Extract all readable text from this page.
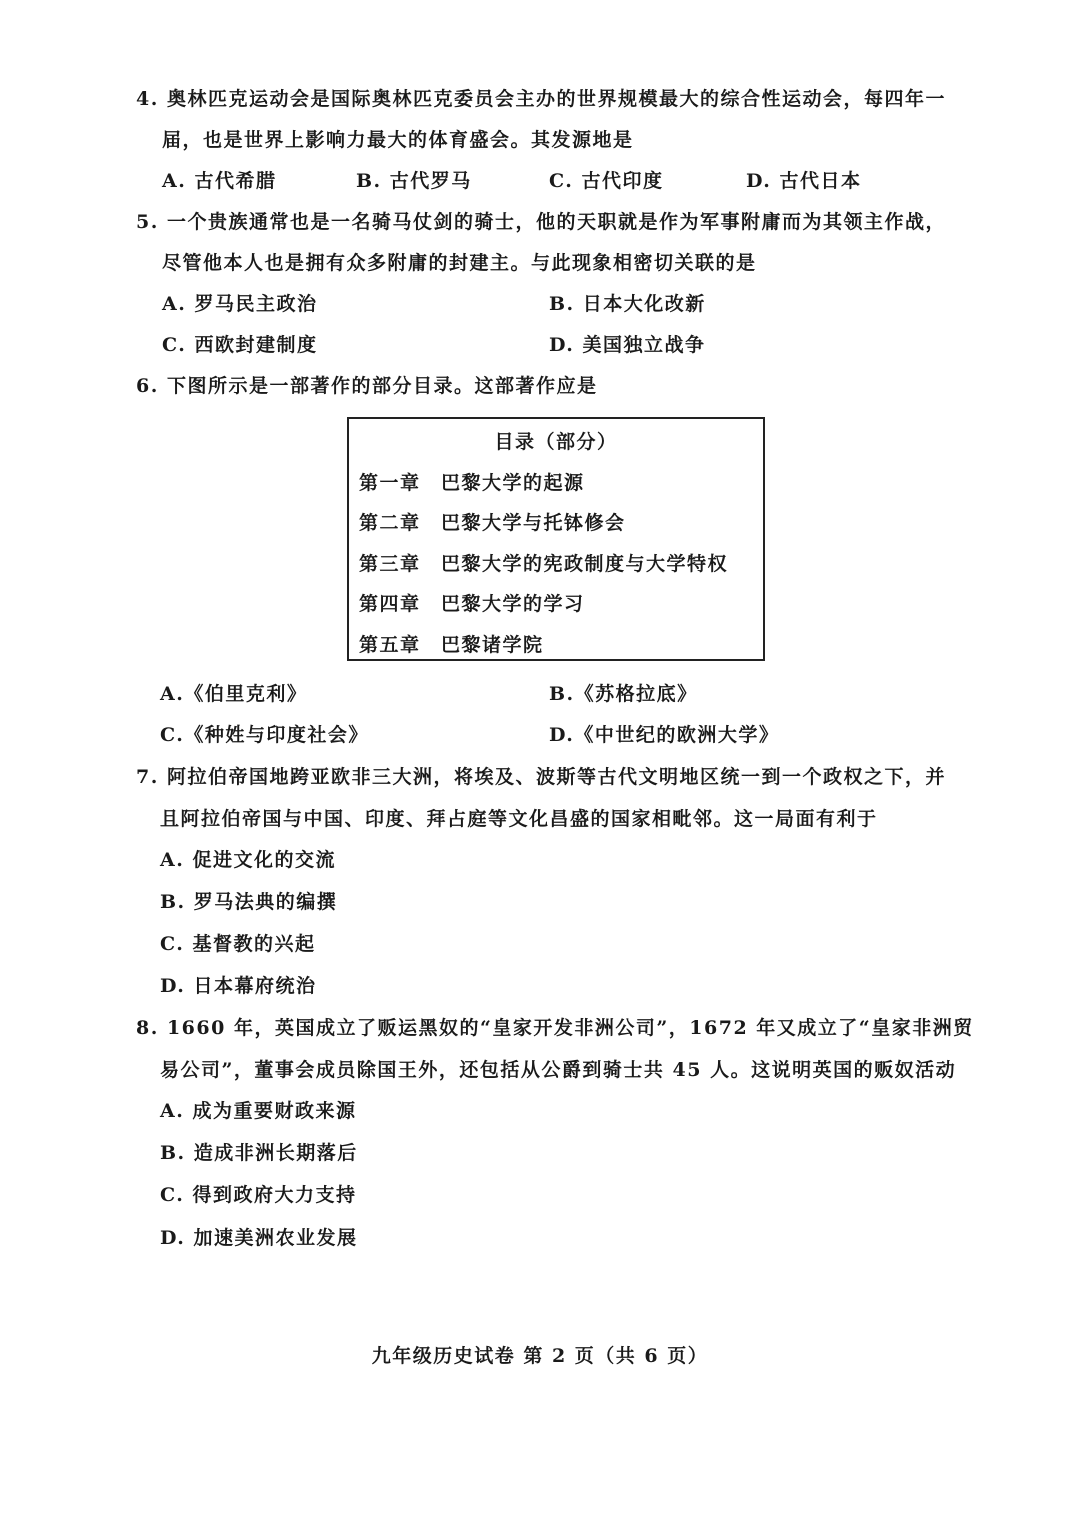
4. 奥林匹克运动会是国际奥林匹克委员会主办的世界规模最大的综合性运动会，每四年一
届，也是世界上影响力最大的体育盛会。其发源地是
A. 古代希腊	B. 古代罗马	C. 古代印度	D. 古代日本
5. 一个贵族通常也是一名骑马仗剑的骑士，他的天职就是作为军事附庸而为其领主作战，
尽管他本人也是拥有众多附庸的封建主。与此现象相密切关联的是
A. 罗马民主政治	B. 日本大化改新
C. 西欧封建制度	D. 美国独立战争
6. 下图所示是一部著作的部分目录。这部著作应是
目录（部分）
第一章 巴黎大学的起源
第二章 巴黎大学与托钵修会
第三章 巴黎大学的宪政制度与大学特权
第四章 巴黎大学的学习
第五章 巴黎诸学院
A.《伯里克利》	B.《苏格拉底》
C.《种姓与印度社会》	D.《中世纪的欧洲大学》
7. 阿拉伯帝国地跨亚欧非三大洲，将埃及、波斯等古代文明地区统一到一个政权之下，并
且阿拉伯帝国与中国、印度、拜占庭等文化昌盛的国家相毗邻。这一局面有利于
A. 促进文化的交流
B. 罗马法典的编撰
C. 基督教的兴起
D. 日本幕府统治
8. 1660 年，英国成立了贩运黑奴的“皇家开发非洲公司”，1672 年又成立了“皇家非洲贸
易公司”，董事会成员除国王外，还包括从公爵到骑士共 45 人。这说明英国的贩奴活动
A. 成为重要财政来源
B. 造成非洲长期落后
C. 得到政府大力支持
D. 加速美洲农业发展
九年级历史试卷 第 2 页（共 6 页）
